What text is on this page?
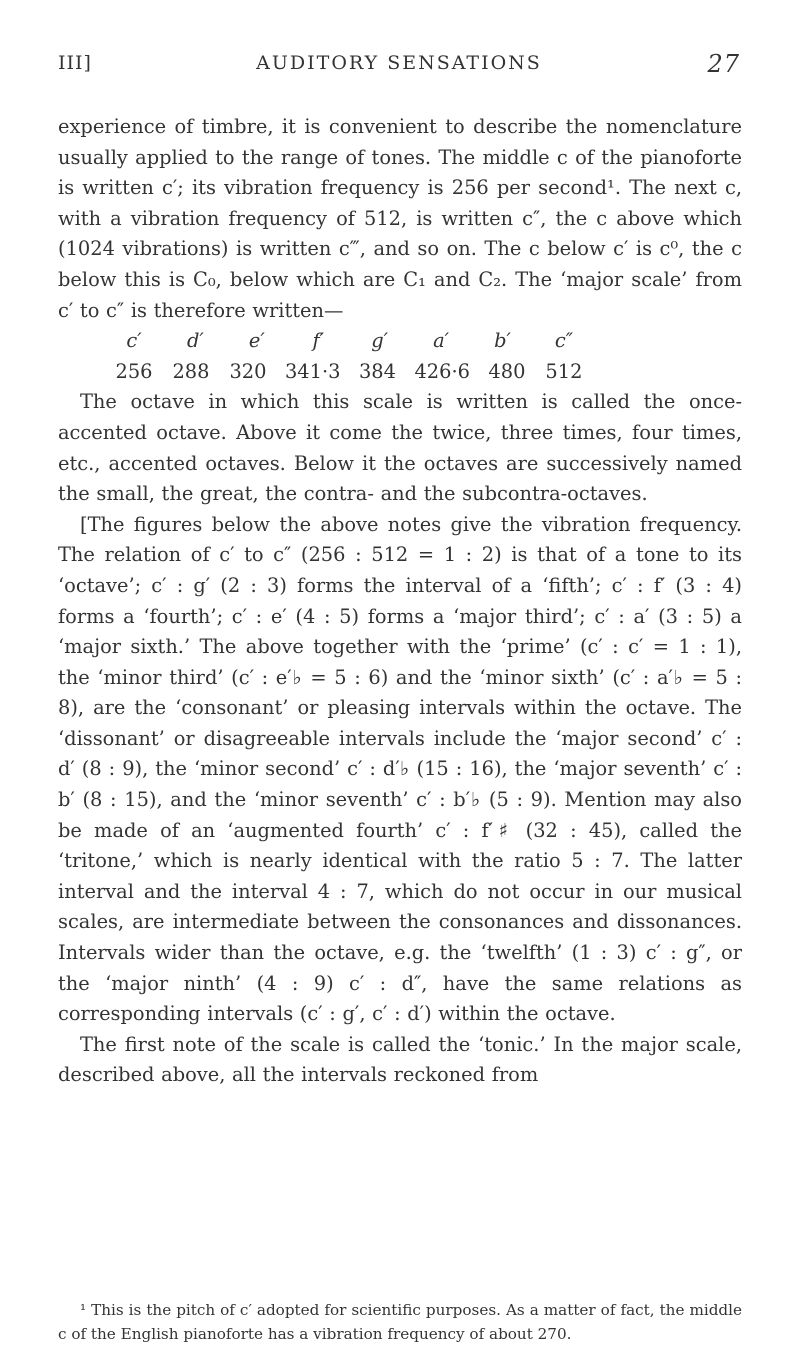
III]	AUDITORY SENSATIONS	27

experience of timbre, it is convenient to describe the nomenclature usually applied to the range of tones. The middle c of the pianoforte is written c′; its vibration frequency is 256 per second¹. The next c, with a vibration frequency of 512, is written c″, the c above which (1024 vibrations) is written c‴, and so on. The c below c′ is c⁰, the c below this is C₀, below which are C₁ and C₂. The ‘major scale’ from c′ to c″ is therefore written—

c′	d′	e′	f′	g′	a′	b′	c″
256 288 320 341·3 384 426·6 480 512

The octave in which this scale is written is called the once-accented octave. Above it come the twice, three times, four times, etc., accented octaves. Below it the octaves are successively named the small, the great, the contra- and the subcontra-octaves.

[The figures below the above notes give the vibration frequency. The relation of c′ to c″ (256 : 512 = 1 : 2) is that of a tone to its ‘octave’; c′ : g′ (2 : 3) forms the interval of a ‘fifth’; c′ : f′ (3 : 4) forms a ‘fourth’; c′ : e′ (4 : 5) forms a ‘major third’; c′ : a′ (3 : 5) a ‘major sixth.’ The above together with the ‘prime’ (c′ : c′ = 1 : 1), the ‘minor third’ (c′ : e′♭ = 5 : 6) and the ‘minor sixth’ (c′ : a′♭ = 5 : 8), are the ‘consonant’ or pleasing intervals within the octave. The ‘dissonant’ or disagreeable intervals include the ‘major second’ c′ : d′ (8 : 9), the ‘minor second’ c′ : d′♭ (15 : 16), the ‘major seventh’ c′ : b′ (8 : 15), and the ‘minor seventh’ c′ : b′♭ (5 : 9). Mention may also be made of an ‘augmented fourth’ c′ : f′♯ (32 : 45), called the ‘tritone,’ which is nearly identical with the ratio 5 : 7. The latter interval and the interval 4 : 7, which do not occur in our musical scales, are intermediate between the consonances and dissonances. Intervals wider than the octave, e.g. the ‘twelfth’ (1 : 3) c′ : g″, or the ‘major ninth’ (4 : 9) c′ : d″, have the same relations as corresponding intervals (c′ : g′, c′ : d′) within the octave.

The first note of the scale is called the ‘tonic.’ In the major scale, described above, all the intervals reckoned from

¹ This is the pitch of c′ adopted for scientific purposes. As a matter of fact, the middle c of the English pianoforte has a vibration frequency of about 270.
